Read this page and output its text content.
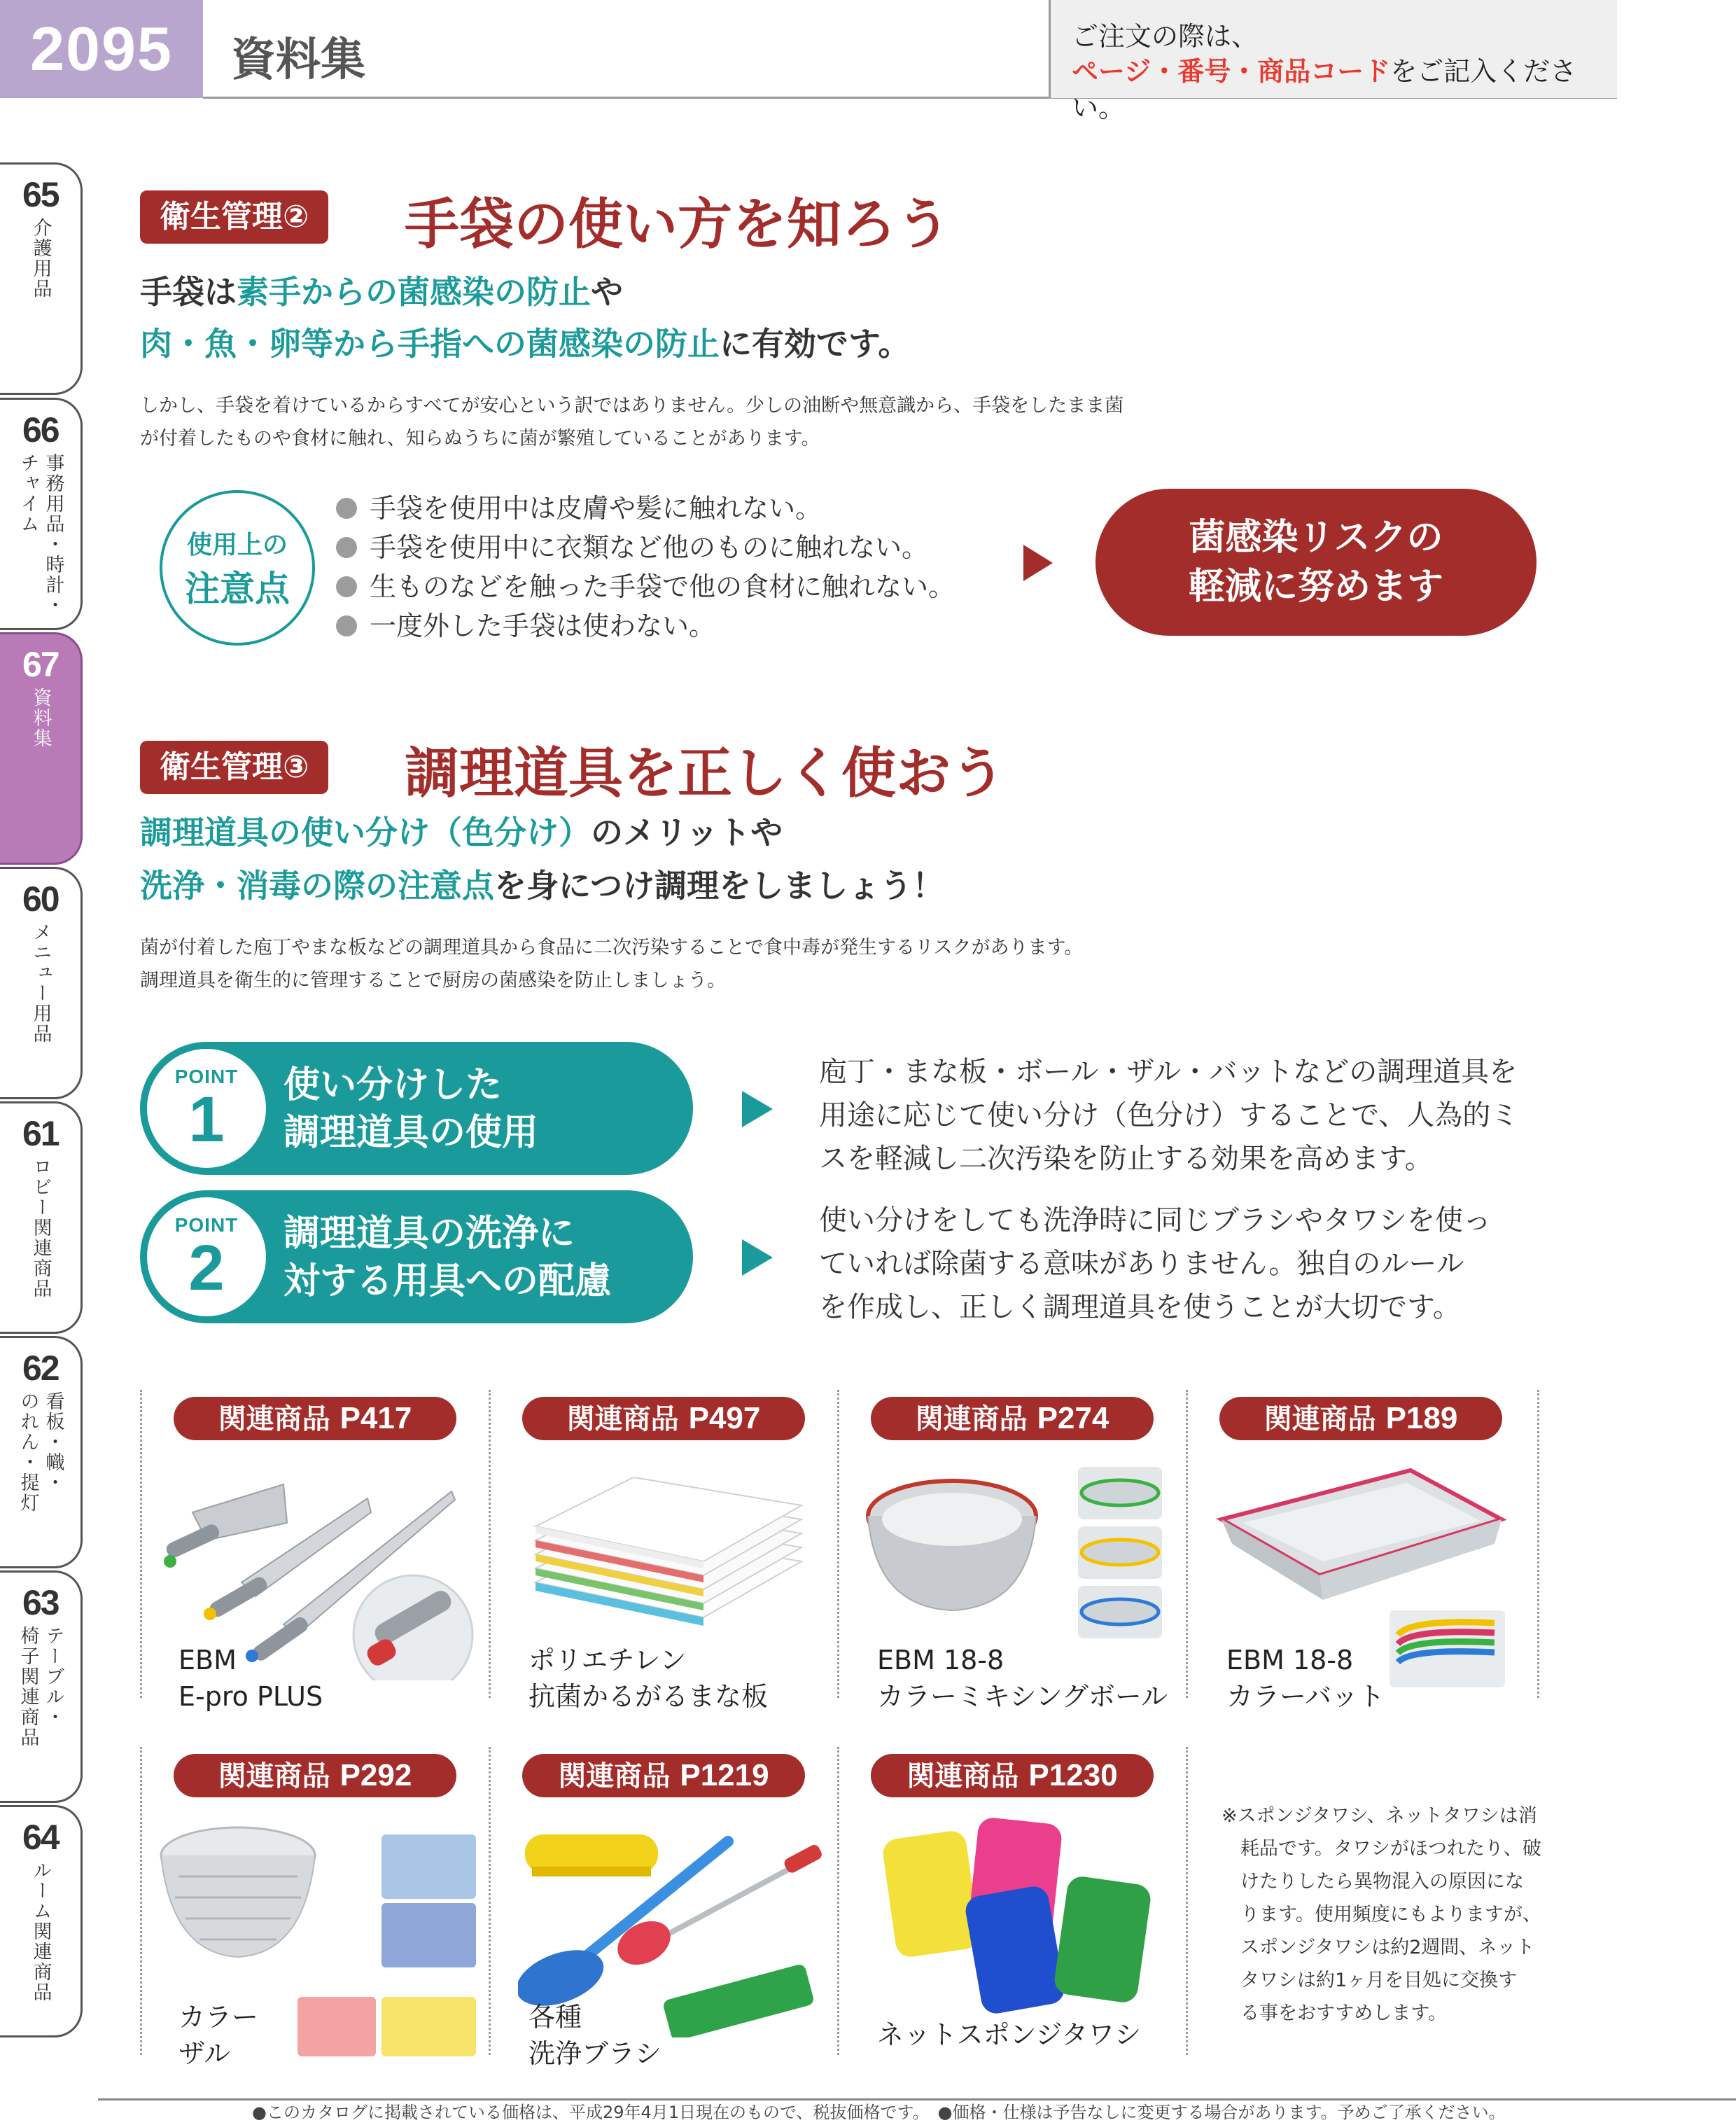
2095	資料集	ご注文の際は、
ページ・番号・商品コードをご記入ください。
65
介護用品
66
事務用品・時計・
チャイム
67
資料集
60
メニュー用品
61
ロビー関連商品
62
看板・幟・
のれん・提灯
63
テーブル・
椅子関連商品
64
ルーム関連商品
衛生管理②	手袋の使い方を知ろう
手袋は素手からの菌感染の防止や
肉・魚・卵等から手指への菌感染の防止に有効です。
しかし、手袋を着けているからすべてが安心という訳ではありません。少しの油断や無意識から、手袋をしたまま菌
が付着したものや食材に触れ、知らぬうちに菌が繁殖していることがあります。
使用上の
注意点
手袋を使用中は皮膚や髪に触れない。
手袋を使用中に衣類など他のものに触れない。
生ものなどを触った手袋で他の食材に触れない。
一度外した手袋は使わない。
菌感染リスクの
軽減に努めます
衛生管理③	調理道具を正しく使おう
調理道具の使い分け（色分け）のメリットや
洗浄・消毒の際の注意点を身につけ調理をしましょう！
菌が付着した庖丁やまな板などの調理道具から食品に二次汚染することで食中毒が発生するリスクがあります。
調理道具を衛生的に管理することで厨房の菌感染を防止しましょう。
POINT
1 使い分けした
調理道具の使用
庖丁・まな板・ボール・ザル・バットなどの調理道具を
用途に応じて使い分け（色分け）することで、人為的ミ
スを軽減し二次汚染を防止する効果を高めます。
POINT
2 調理道具の洗浄に
対する用具への配慮
使い分けをしても洗浄時に同じブラシやタワシを使っ
ていれば除菌する意味がありません。独自のルール
を作成し、正しく調理道具を使うことが大切です。
関連商品 P417
EBM
E-pro PLUS
関連商品 P497
ポリエチレン
抗菌かるがるまな板
関連商品 P274
EBM 18-8
カラーミキシングボール
関連商品 P189
EBM 18-8
カラーバット
関連商品 P292
カラー
ザル
関連商品 P1219
各種
洗浄ブラシ
関連商品 P1230
ネットスポンジタワシ
※スポンジタワシ、ネットタワシは消
耗品です。タワシがほつれたり、破
けたりしたら異物混入の原因にな
ります。使用頻度にもよりますが、
スポンジタワシは約2週間、ネット
タワシは約1ヶ月を目処に交換す
る事をおすすめします。
●このカタログに掲載されている価格は、平成29年4月1日現在のもので、税抜価格です。　●価格・仕様は予告なしに変更する場合があります。予めご了承ください。
